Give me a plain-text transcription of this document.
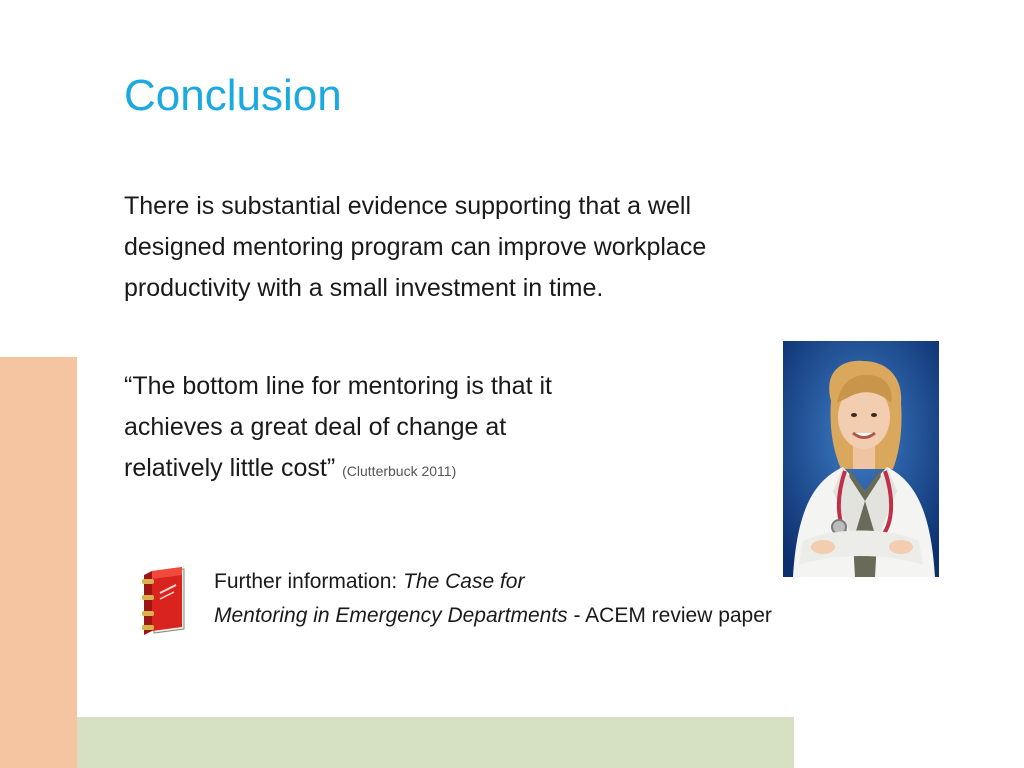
Conclusion

There is substantial evidence supporting that a well
designed mentoring program can improve workplace
productivity with a small investment in time.

“The bottom line for mentoring is that it
achieves a great deal of change at
relatively little cost” (Clutterbuck 2011)

Further information: The Case for
Mentoring in Emergency Departments - ACEM review paper
